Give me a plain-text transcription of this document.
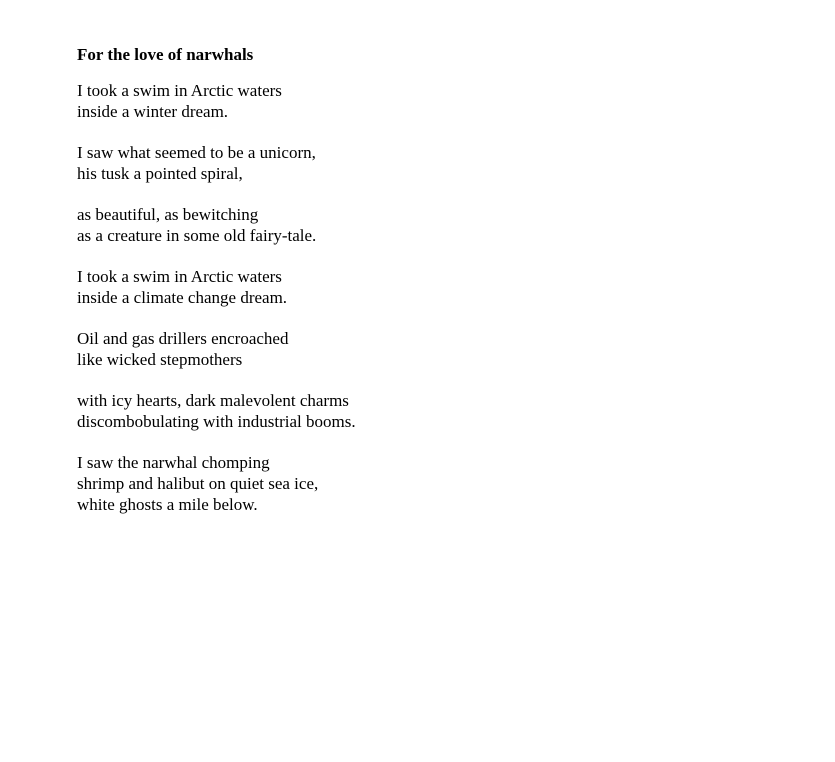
For the love of narwhals
I took a swim in Arctic waters
inside a winter dream.
I saw what seemed to be a unicorn,
his tusk a pointed spiral,
as beautiful, as bewitching
as a creature in some old fairy-tale.
I took a swim in Arctic waters
inside a climate change dream.
Oil and gas drillers encroached
like wicked stepmothers
with icy hearts, dark malevolent charms
discombobulating with industrial booms.
I saw the narwhal chomping
shrimp and halibut on quiet sea ice,
white ghosts a mile below.
